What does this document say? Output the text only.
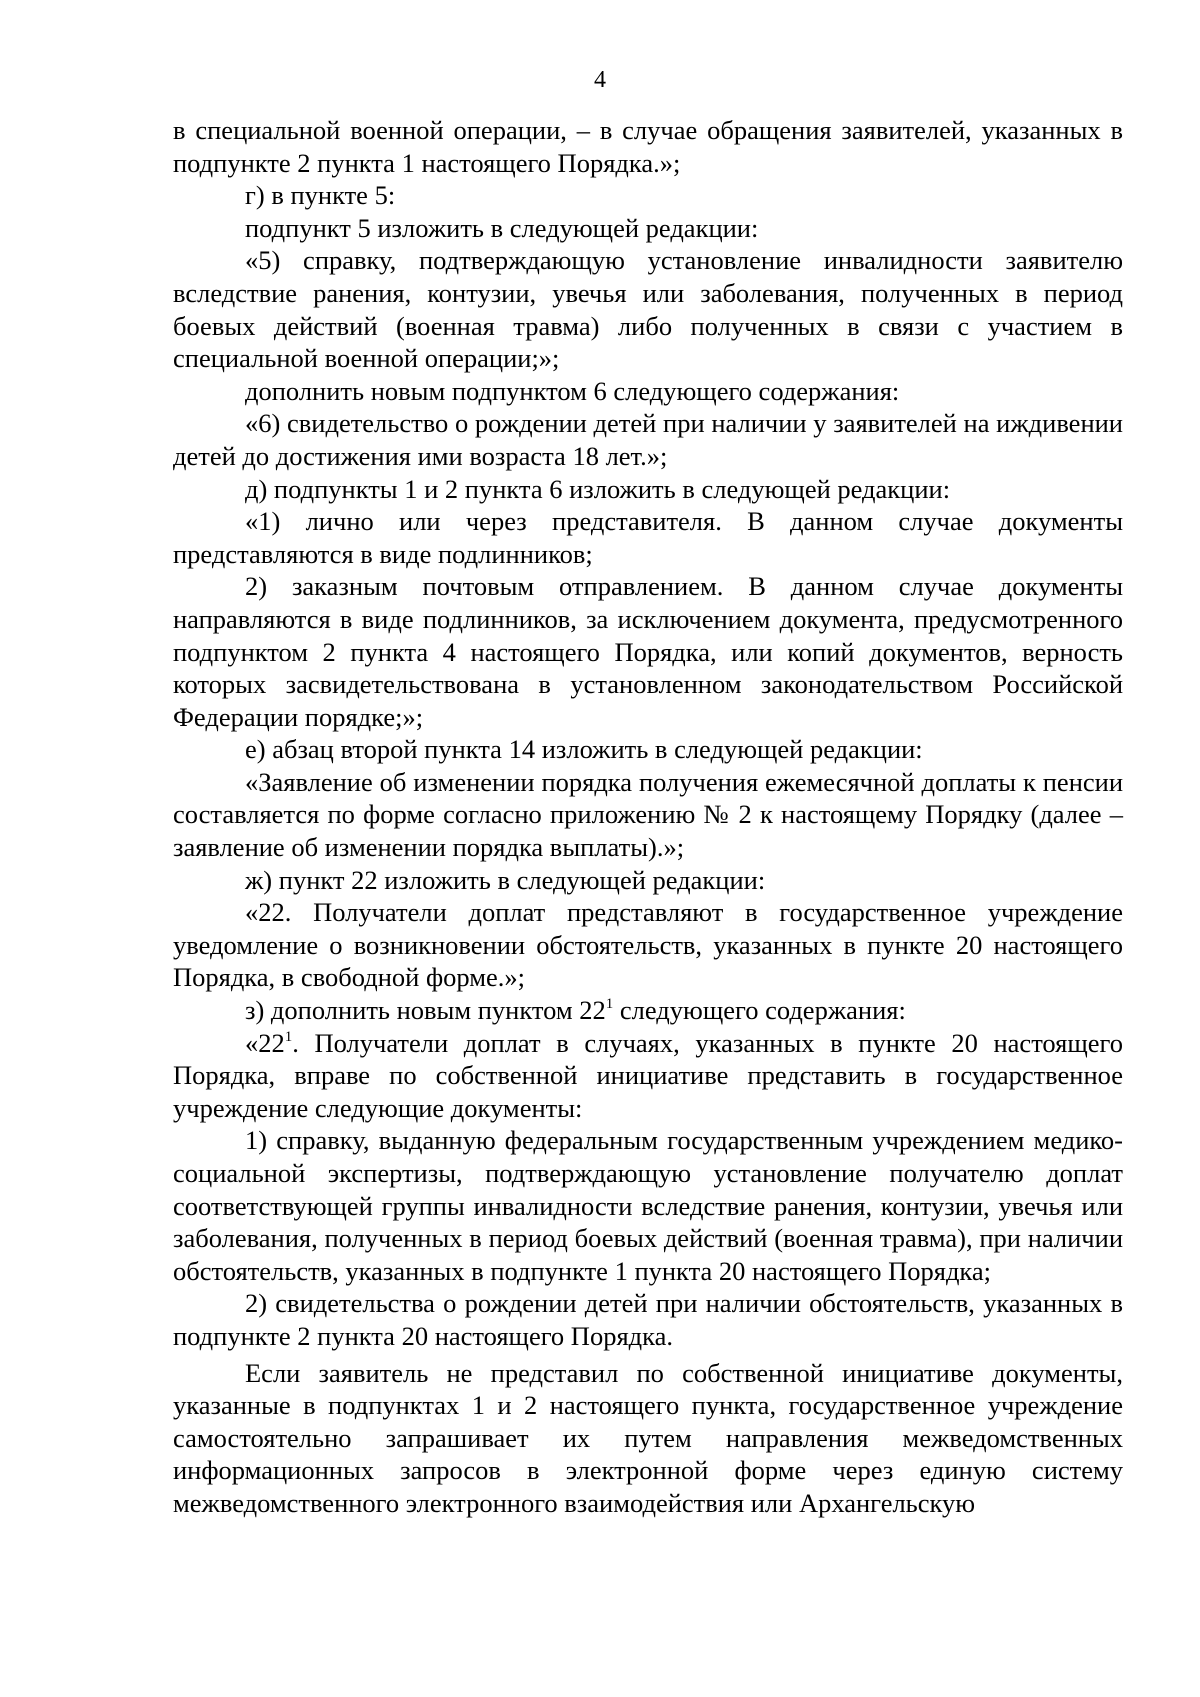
4

в специальной военной операции, – в случае обращения заявителей, указанных в подпункте 2 пункта 1 настоящего Порядка.»;

г) в пункте 5:

подпункт 5 изложить в следующей редакции:

«5) справку, подтверждающую установление инвалидности заявителю вследствие ранения, контузии, увечья или заболевания, полученных в период боевых действий (военная травма) либо полученных в связи с участием в специальной военной операции;»;

дополнить новым подпунктом 6 следующего содержания:

«6) свидетельство о рождении детей при наличии у заявителей на иждивении детей до достижения ими возраста 18 лет.»;

д) подпункты 1 и 2 пункта 6 изложить в следующей редакции:

«1) лично или через представителя. В данном случае документы представляются в виде подлинников;

2) заказным почтовым отправлением. В данном случае документы направляются в виде подлинников, за исключением документа, предусмотренного подпунктом 2 пункта 4 настоящего Порядка, или копий документов, верность которых засвидетельствована в установленном законодательством Российской Федерации порядке;»;

е) абзац второй пункта 14 изложить в следующей редакции:

«Заявление об изменении порядка получения ежемесячной доплаты к пенсии составляется по форме согласно приложению № 2 к настоящему Порядку (далее – заявление об изменении порядка выплаты).»;

ж) пункт 22 изложить в следующей редакции:

«22. Получатели доплат представляют в государственное учреждение уведомление о возникновении обстоятельств, указанных в пункте 20 настоящего Порядка, в свободной форме.»;

з) дополнить новым пунктом $22^1$ следующего содержания:

«$22^1$. Получатели доплат в случаях, указанных в пункте 20 настоящего Порядка, вправе по собственной инициативе представить в государственное учреждение следующие документы:

1) справку, выданную федеральным государственным учреждением медико-социальной экспертизы, подтверждающую установление получателю доплат соответствующей группы инвалидности вследствие ранения, контузии, увечья или заболевания, полученных в период боевых действий (военная травма), при наличии обстоятельств, указанных в подпункте 1 пункта 20 настоящего Порядка;

2) свидетельства о рождении детей при наличии обстоятельств, указанных в подпункте 2 пункта 20 настоящего Порядка.

Если заявитель не представил по собственной инициативе документы, указанные в подпунктах 1 и 2 настоящего пункта, государственное учреждение самостоятельно запрашивает их путем направления межведомственных информационных запросов в электронной форме через единую систему межведомственного электронного взаимодействия или Архангельскую
